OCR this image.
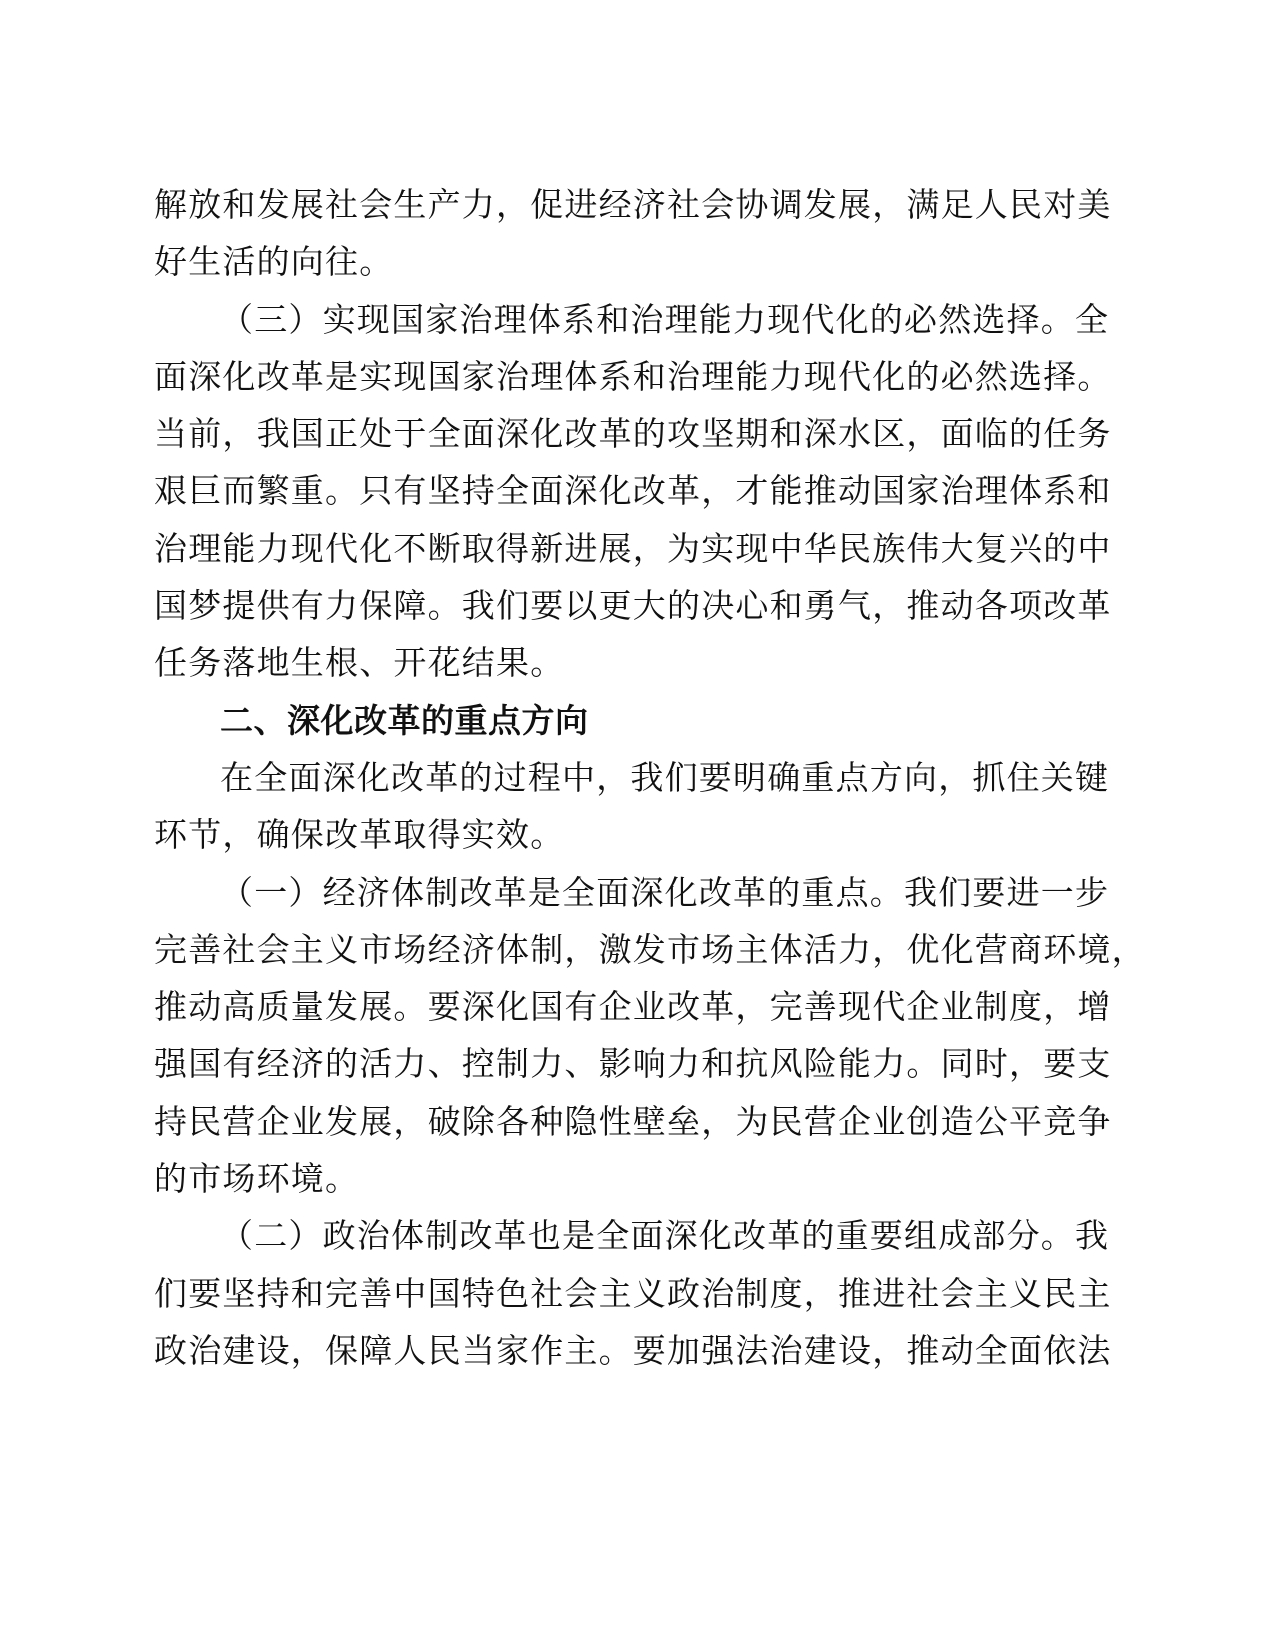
解放和发展社会生产力，促进经济社会协调发展，满足人民对美
好生活的向往。
（三）实现国家治理体系和治理能力现代化的必然选择。全
面深化改革是实现国家治理体系和治理能力现代化的必然选择。
当前，我国正处于全面深化改革的攻坚期和深水区，面临的任务
艰巨而繁重。只有坚持全面深化改革，才能推动国家治理体系和
治理能力现代化不断取得新进展，为实现中华民族伟大复兴的中
国梦提供有力保障。我们要以更大的决心和勇气，推动各项改革
任务落地生根、开花结果。
二、深化改革的重点方向
在全面深化改革的过程中，我们要明确重点方向，抓住关键
环节，确保改革取得实效。
（一）经济体制改革是全面深化改革的重点。我们要进一步
完善社会主义市场经济体制，激发市场主体活力，优化营商环境，
推动高质量发展。要深化国有企业改革，完善现代企业制度，增
强国有经济的活力、控制力、影响力和抗风险能力。同时，要支
持民营企业发展，破除各种隐性壁垒，为民营企业创造公平竞争
的市场环境。
（二）政治体制改革也是全面深化改革的重要组成部分。我
们要坚持和完善中国特色社会主义政治制度，推进社会主义民主
政治建设，保障人民当家作主。要加强法治建设，推动全面依法
